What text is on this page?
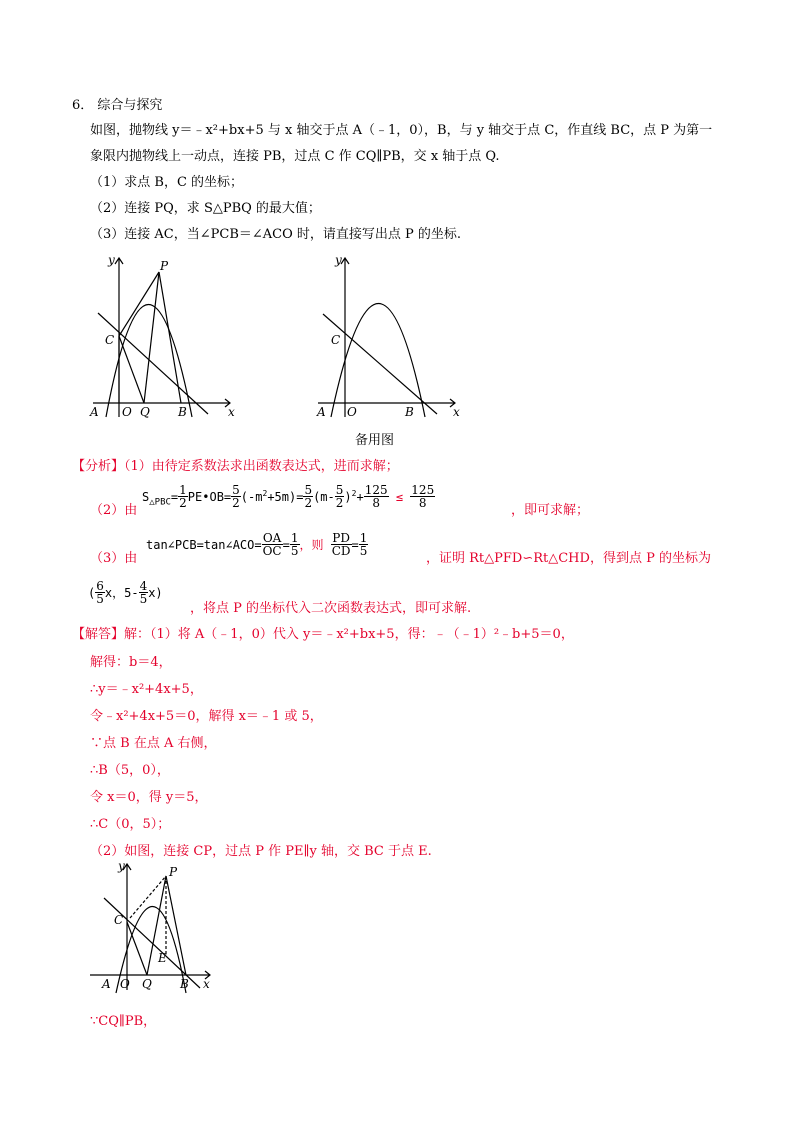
6． 综合与探究
如图，抛物线 y＝﹣x²+bx+5 与 x 轴交于点 A（﹣1，0），B，与 y 轴交于点 C，作直线 BC，点 P 为第一
象限内抛物线上一动点，连接 PB，过点 C 作 CQ∥PB，交 x 轴于点 Q.
（1）求点 B，C 的坐标；
（2）连接 PQ，求 S△PBQ 的最大值；
（3）连接 AC，当∠PCB＝∠ACO 时，请直接写出点 P 的坐标.
y	P
C
A O Q B	x
y
C
A O	B	x
备用图
【分析】（1）由待定系数法求出函数表达式，进而求解；
（2）由
$S_{\triangle PBC}= \frac{1}{2}$ PE•OB= $\frac{5}{2} (-m^2+5m)= \frac{5}{2} (m- \frac{5}{2} )^2+ \frac{125}{8} \le \frac{125}{8}$
，即可求解；
（3）由
tan∠PCB=tan∠ACO= $\frac{OA}{OC} = \frac{1}{5}$ ，则 $\frac{PD}{CD} = \frac{1}{5}$
，证明 Rt△PFD∽Rt△CHD，得到点 P 的坐标为
( $\frac{6}{5}$ x，$5- \frac{4}{5} x$)
，将点 P 的坐标代入二次函数表达式，即可求解.
【解答】解：（1）将 A（﹣1，0）代入 y＝﹣x²+bx+5，得：﹣（﹣1）²﹣b+5＝0，
解得：b＝4，
∴y＝﹣x²+4x+5，
令﹣x²+4x+5＝0，解得 x＝﹣1 或 5，
∵点 B 在点 A 右侧，
∴B（5，0），
令 x＝0，得 y＝5，
∴C（0，5）；
（2）如图，连接 CP，过点 P 作 PE∥y 轴，交 BC 于点 E.
y	P
C
E
A O Q B x
∵CQ∥PB，
